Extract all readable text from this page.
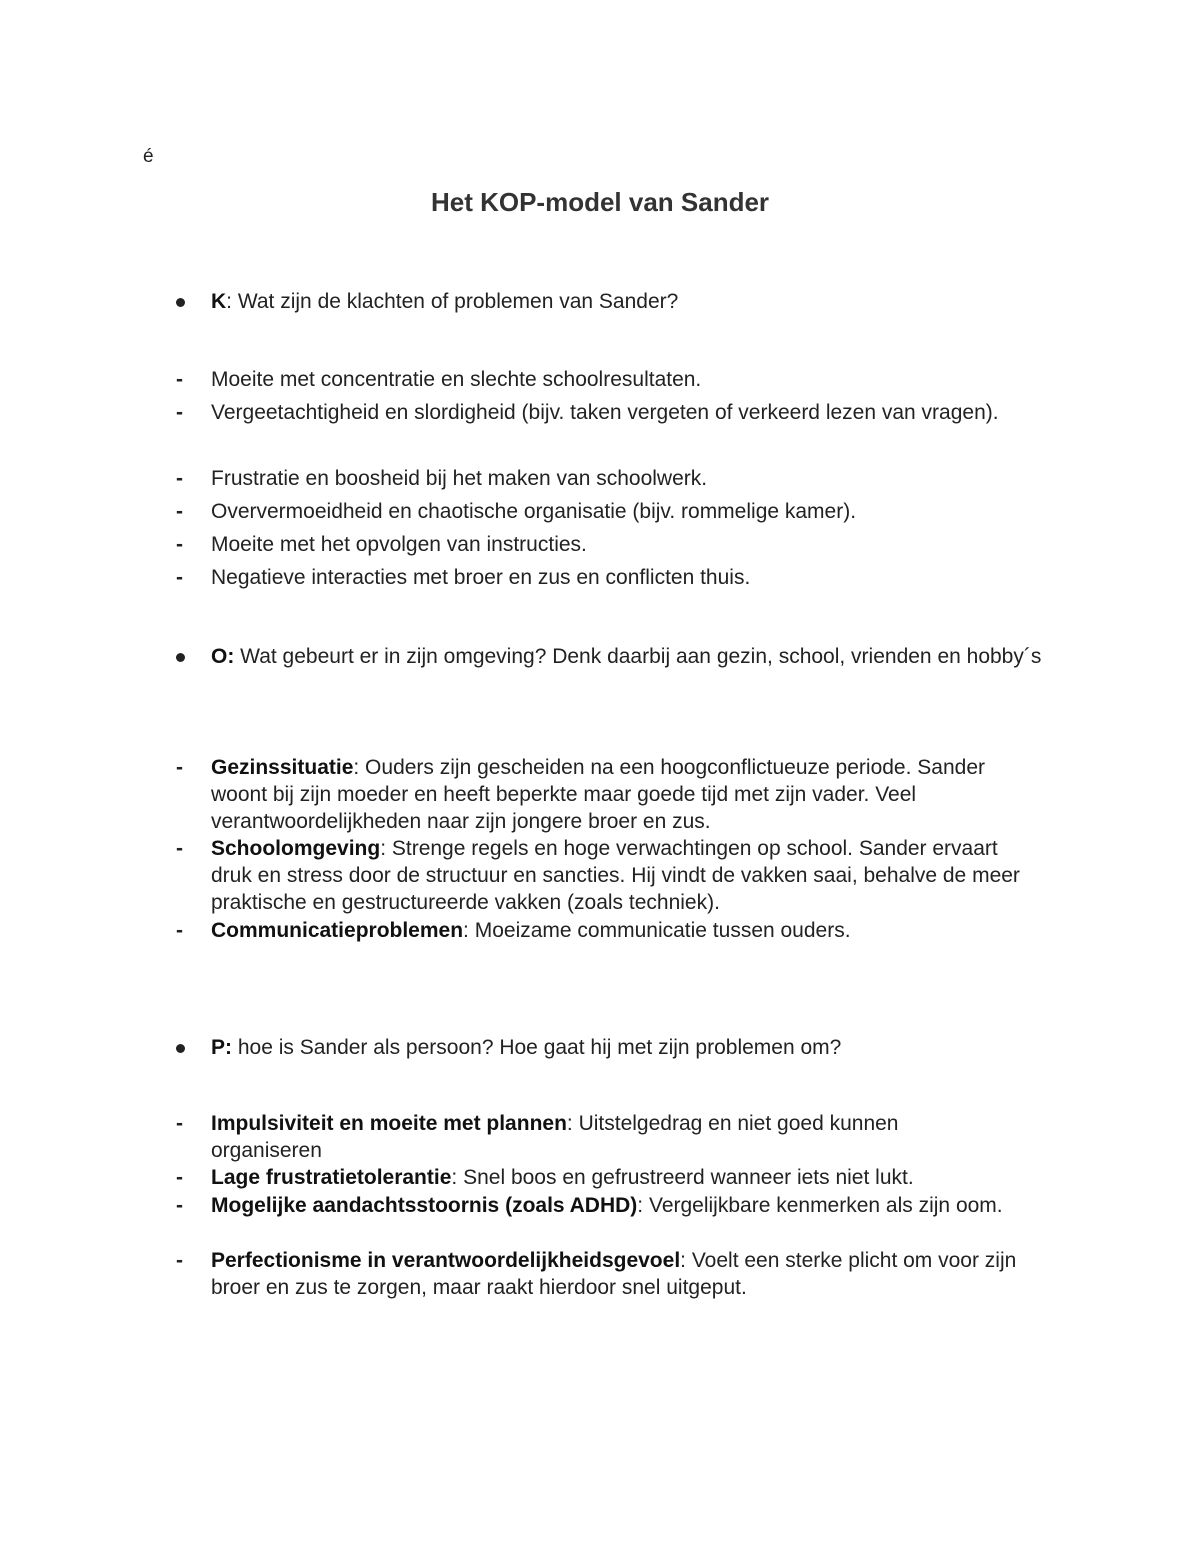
é
Het KOP-model van Sander
K: Wat zijn de klachten of problemen van Sander?
- Moeite met concentratie en slechte schoolresultaten.
- Vergeetachtigheid en slordigheid (bijv. taken vergeten of verkeerd lezen van vragen).
- Frustratie en boosheid bij het maken van schoolwerk.
- Oververmoeidheid en chaotische organisatie (bijv. rommelige kamer).
- Moeite met het opvolgen van instructies.
- Negatieve interacties met broer en zus en conflicten thuis.
O: Wat gebeurt er in zijn omgeving? Denk daarbij aan gezin, school, vrienden en hobby´s
- Gezinssituatie: Ouders zijn gescheiden na een hoogconflictueuze periode. Sander woont bij zijn moeder en heeft beperkte maar goede tijd met zijn vader. Veel verantwoordelijkheden naar zijn jongere broer en zus.
- Schoolomgeving: Strenge regels en hoge verwachtingen op school. Sander ervaart druk en stress door de structuur en sancties. Hij vindt de vakken saai, behalve de meer praktische en gestructureerde vakken (zoals techniek).
- Communicatieproblemen: Moeizame communicatie tussen ouders.
P: hoe is Sander als persoon? Hoe gaat hij met zijn problemen om?
- Impulsiviteit en moeite met plannen: Uitstelgedrag en niet goed kunnen organiseren
- Lage frustratietolerantie: Snel boos en gefrustreerd wanneer iets niet lukt.
- Mogelijke aandachtsstoornis (zoals ADHD): Vergelijkbare kenmerken als zijn oom.
- Perfectionisme in verantwoordelijkheidsgevoel: Voelt een sterke plicht om voor zijn broer en zus te zorgen, maar raakt hierdoor snel uitgeput.
